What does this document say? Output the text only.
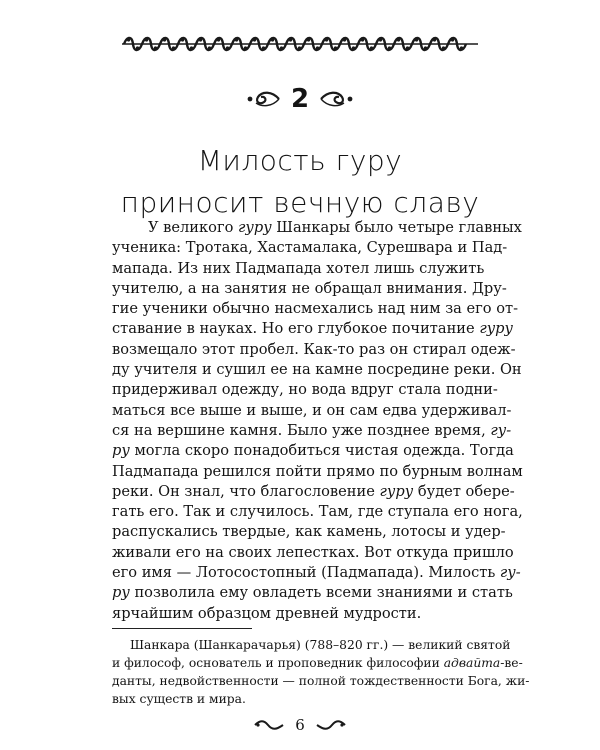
2
Милость гуру
приносит вечную славу
У великого гуру Шанкары было четыре главных
ученика: Тротака, Хастамалака, Сурешвара и Пад-
мапада. Из них Падмапада хотел лишь служить
учителю, а на занятия не обращал внимания. Дру-
гие ученики обычно насмехались над ним за его от-
ставание в науках. Но его глубокое почитание гуру
возмещало этот пробел. Как-то раз он стирал одеж-
ду учителя и сушил ее на камне посредине реки. Он
придерживал одежду, но вода вдруг стала подни-
маться все выше и выше, и он сам едва удерживал-
ся на вершине камня. Было уже позднее время, гу-
ру могла скоро понадобиться чистая одежда. Тогда
Падмапада решился пойти прямо по бурным волнам
реки. Он знал, что благословение гуру будет обере-
гать его. Так и случилось. Там, где ступала его нога,
распускались твердые, как камень, лотосы и удер-
живали его на своих лепестках. Вот откуда пришло
его имя — Лотосостопный (Падмапада). Милость гу-
ру позволила ему овладеть всеми знаниями и стать
ярчайшим образцом древней мудрости.
Шанкара (Шанкарачарья) (788–820 гг.) — великий святой
и философ, основатель и проповедник философии адвайта-ве-
данты, недвойственности — полной тождественности Бога, жи-
вых существ и мира.
6
